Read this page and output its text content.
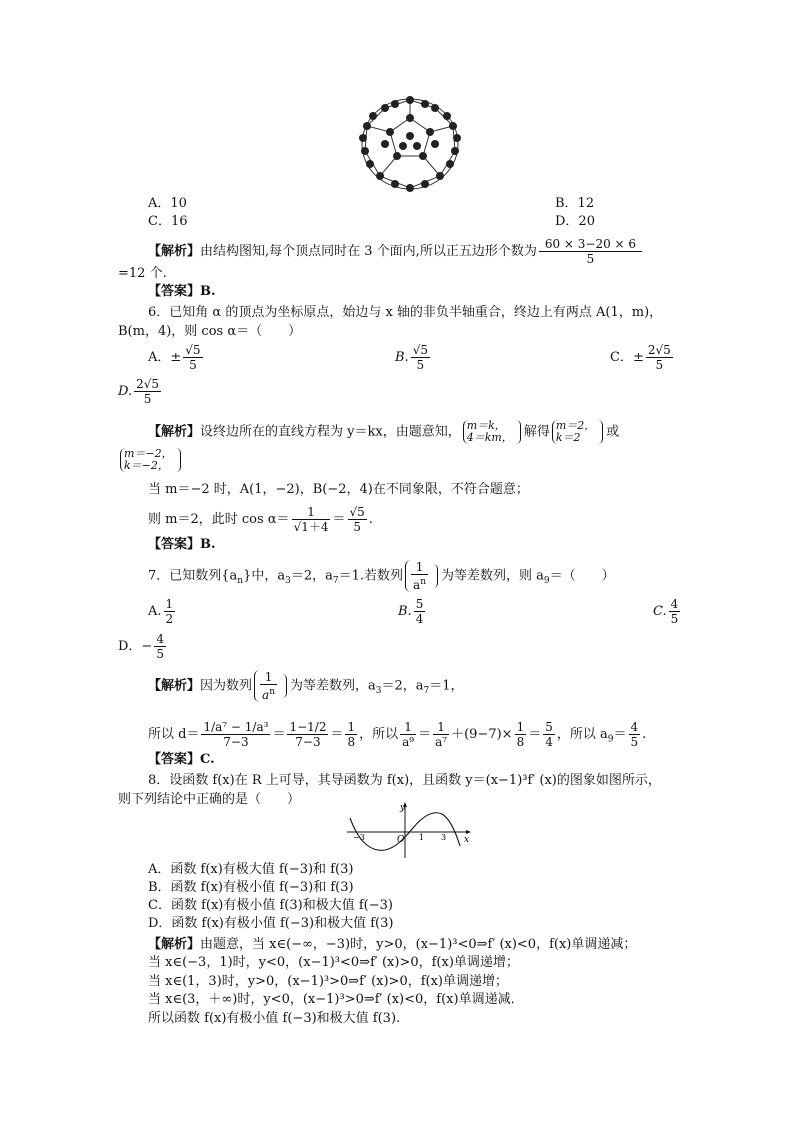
A．10	B．12
C．16	D．20
【解析】由结构图知,每个顶点同时在 3 个面内,所以正五边形个数为 $\frac{60 \times 3-20 \times 6}{5}$
=12 个.
【答案】B.
6．已知角 α 的顶点为坐标原点，始边与 x 轴的非负半轴重合，终边上有两点 A(1，m)，
B(m，4)，则 cos α＝（　　）
A．± $\frac{√5}{5}$	B. $\frac{√5}{5}$	C．± $\frac{2√5}{5}$
D. $\frac{2√5}{5}$
【解析】设终边所在的直线方程为 y＝kx，由题意知， m＝k，
4＝km， 解得 m＝2，
k＝2 或
m＝−2，
k＝−2，
当 m＝−2 时，A(1，−2)，B(−2，4)在不同象限，不符合题意；
则 m＝2，此时 $\cos \alpha= \frac{1}{√1+4} = \frac{√5}{5}$ .
【答案】B.
7．已知数列$\{a_n\}$中，$a_3=2$，$a_7=1$.若数列 $\frac{1}{a^n}$ 为等差数列，则 $a_9=$（　　）
A. $\frac{1}{2}$	B. $\frac{5}{4}$	C. $\frac{4}{5}$
D．− $\frac{4}{5}$
【解析】因为数列 $\frac{1}{a^n}$ 为等差数列，$a_3=2$，$a_7=1$，
所以 $d= \frac{\text{1/a⁷ − 1/a³}}{7-3} = \frac{1-1/2}{7-3} = \frac{1}{8}$ ，所以 $\frac{1}{\text{a⁹}} = \frac{1}{\text{a⁷}} +(9-7)\times \frac{1}{8} = \frac{5}{4}$ ，所以 $a_9= \frac{4}{5}$ .
【答案】C.
8．设函数 f(x)在 R 上可导，其导函数为 f(x)，且函数 y＝(x−1)³f′ (x)的图象如图所示，
则下列结论中正确的是（　　）
y
x
O
−3	1 3
A．函数 f(x)有极大值 f(−3)和 f(3)
B．函数 f(x)有极小值 f(−3)和 f(3)
C．函数 f(x)有极小值 f(3)和极大值 f(−3)
D．函数 f(x)有极小值 f(−3)和极大值 f(3)
【解析】由题意，当 x∈(−∞，−3)时，y>0，(x−1)³<0⇒f′ (x)<0，f(x)单调递减；
当 x∈(−3，1)时，y<0，(x−1)³<0⇒f′ (x)>0，f(x)单调递增；
当 x∈(1，3)时，y>0，(x−1)³>0⇒f′ (x)>0，f(x)单调递增；
当 x∈(3，＋∞)时，y<0，(x−1)³>0⇒f′ (x)<0，f(x)单调递减．
所以函数 f(x)有极小值 f(−3)和极大值 f(3).
